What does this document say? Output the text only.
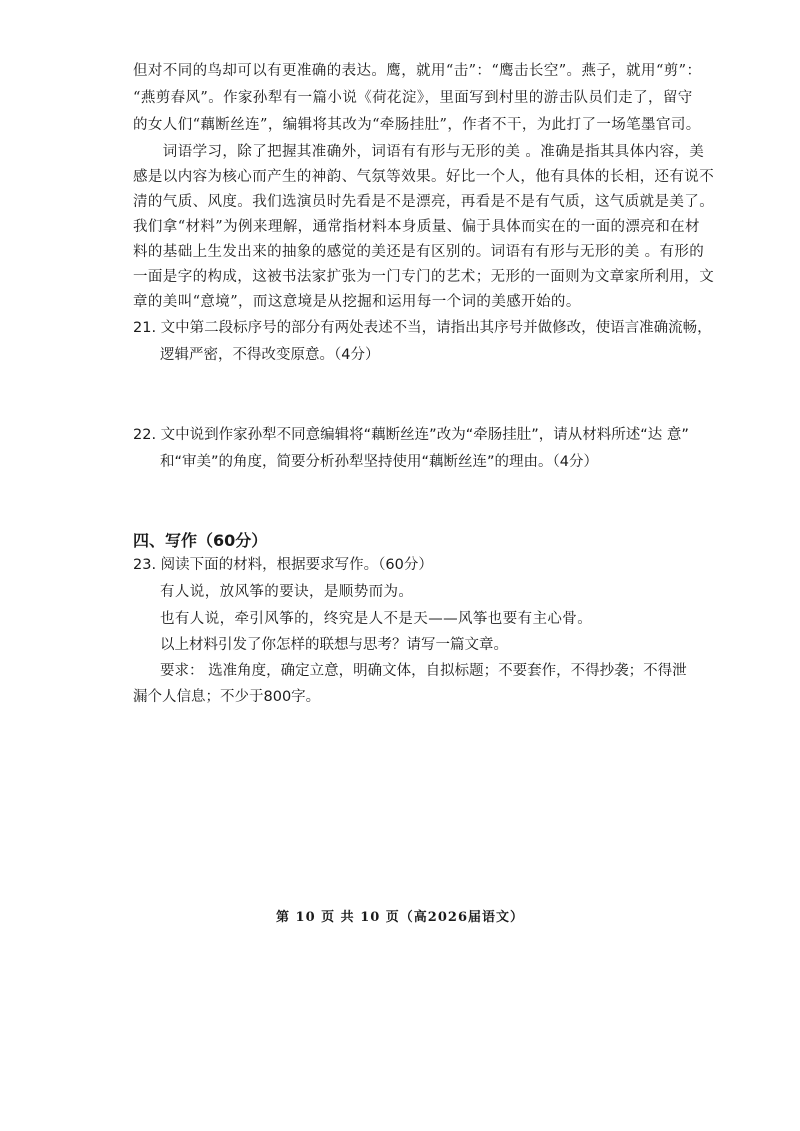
但对不同的鸟却可以有更准确的表达。鹰，就用“击”：“鹰击长空”。燕子，就用“剪”：
“燕剪春风”。作家孙犁有一篇小说《荷花淀》，里面写到村里的游击队员们走了，留守
的女人们“藕断丝连”，编辑将其改为“牵肠挂肚”，作者不干，为此打了一场笔墨官司。
　　词语学习，除了把握其准确外，词语有有形与无形的美 。准确是指其具体内容，美
感是以内容为核心而产生的神韵、气氛等效果。好比一个人，他有具体的长相，还有说不
清的气质、风度。我们选演员时先看是不是漂亮，再看是不是有气质，这气质就是美了。
我们拿“材料”为例来理解，通常指材料本身质量、偏于具体而实在的一面的漂亮和在材
料的基础上生发出来的抽象的感觉的美还是有区别的。词语有有形与无形的美 。有形的
一面是字的构成，这被书法家扩张为一门专门的艺术；无形的一面则为文章家所利用，文
章的美叫“意境”，而这意境是从挖掘和运用每一个词的美感开始的。
21. 文中第二段标序号的部分有两处表述不当，请指出其序号并做修改，使语言准确流畅，
逻辑严密，不得改变原意。（4分）
22. 文中说到作家孙犁不同意编辑将“藕断丝连”改为“牵肠挂肚”，请从材料所述“达 意”
和“审美”的角度，简要分析孙犁坚持使用“藕断丝连”的理由。（4分）
四、写作（60分）
23. 阅读下面的材料，根据要求写作。（60分）
有人说，放风筝的要诀，是顺势而为。
也有人说，牵引风筝的，终究是人不是天——风筝也要有主心骨。
以上材料引发了你怎样的联想与思考？请写一篇文章。
要求： 选准角度，确定立意，明确文体，自拟标题；不要套作，不得抄袭；不得泄
漏个人信息；不少于800字。
第 10 页 共 10 页（高2026届语文）
